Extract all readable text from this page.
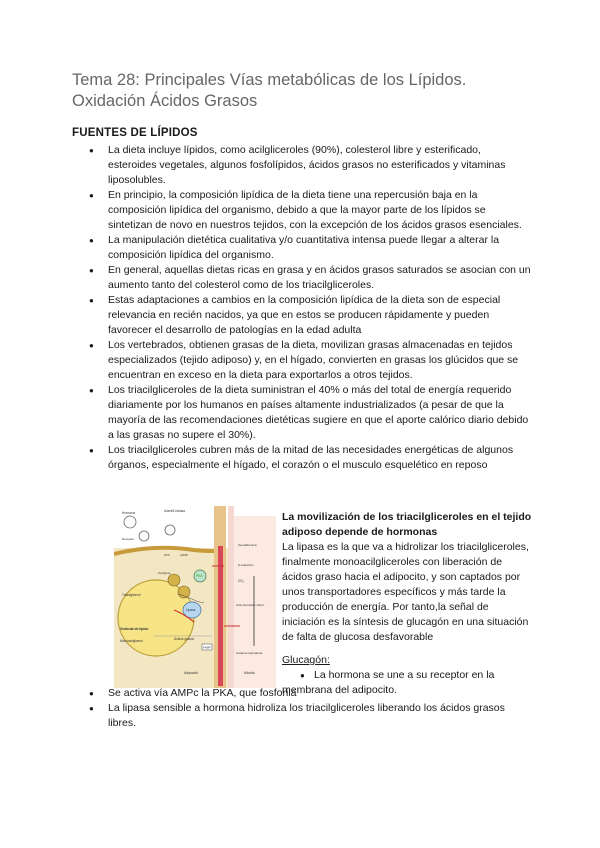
Tema 28: Principales Vías metabólicas de los Lípidos. Oxidación Ácidos Grasos
FUENTES DE LÍPIDOS
● La dieta incluye lípidos, como acilgliceroles (90%), colesterol libre y esterificado, esteroides vegetales, algunos fosfolípidos, ácidos grasos no esterificados y vitaminas liposolubles.
● En principio, la composición lipídica de la dieta tiene una repercusión baja en la composición lipídica del organismo, debido a que la mayor parte de los lípidos se sintetizan de novo en nuestros tejidos, con la excepción de los ácidos grasos esenciales.
● La manipulación dietética cualitativa y/o cuantitativa intensa puede llegar a alterar la composición lipídica del organismo.
● En general, aquellas dietas ricas en grasa y en ácidos grasos saturados se asocian con un aumento tanto del colesterol como de los triacilgliceroles.
● Estas adaptaciones a cambios en la composición lipídica de la dieta son de especial relevancia en recién nacidos, ya que en estos se producen rápidamente y pueden favorecer el desarrollo de patologías en la edad adulta
● Los vertebrados, obtienen grasas de la dieta, movilizan grasas almacenadas en tejidos especializados (tejido adiposo) y, en el hígado, convierten en grasas los glúcidos que se encuentran en exceso en la dieta para exportarlos a otros tejidos.
● Los triacilgliceroles de la dieta suministran el 40% o más del total de energía requerido diariamente por los humanos en países altamente industrializados (a pesar de que la mayoría de las recomendaciones dietéticas sugiere en que el aporte calórico diario debido a las grasas no supere el 30%).
● Los triacilgliceroles cubren más de la mitad de las necesidades energéticas de algunos órganos, especialmente el hígado, el corazón o el musculo esquelético en reposo
Hormona	Adenilil ciclasa
Receptor
ATP	cAMP
Triacilglicerol
Gotícula de lípido
Monoacilglicerol
Perilipina
PKA
Lipasa
Ácidos grasos
FABP
Adipocito
Seroalbúmina
β-oxidación
CO₂
Ciclo del ácido cítrico
Cadena respiratoria
Miocito

La movilización de los triacilgliceroles en el tejido adiposo depende de hormonas

La lipasa es la que va a hidrolizar los triacilgliceroles, finalmente monoacilgliceroles con liberación de ácidos graso hacia el adipocito, y son captados por unos transportadores específicos y más tarde la producción de energía. Por tanto,la señal de iniciación es la síntesis de glucagón en una situación de falta de glucosa desfavorable

Glucagón:

● La hormona se une a su receptor en la membrana del adipocito.
● Se activa vía AMPc la PKA, que fosforila
● La lipasa sensible a hormona hidroliza los triacilgliceroles liberando los ácidos grasos libres.
